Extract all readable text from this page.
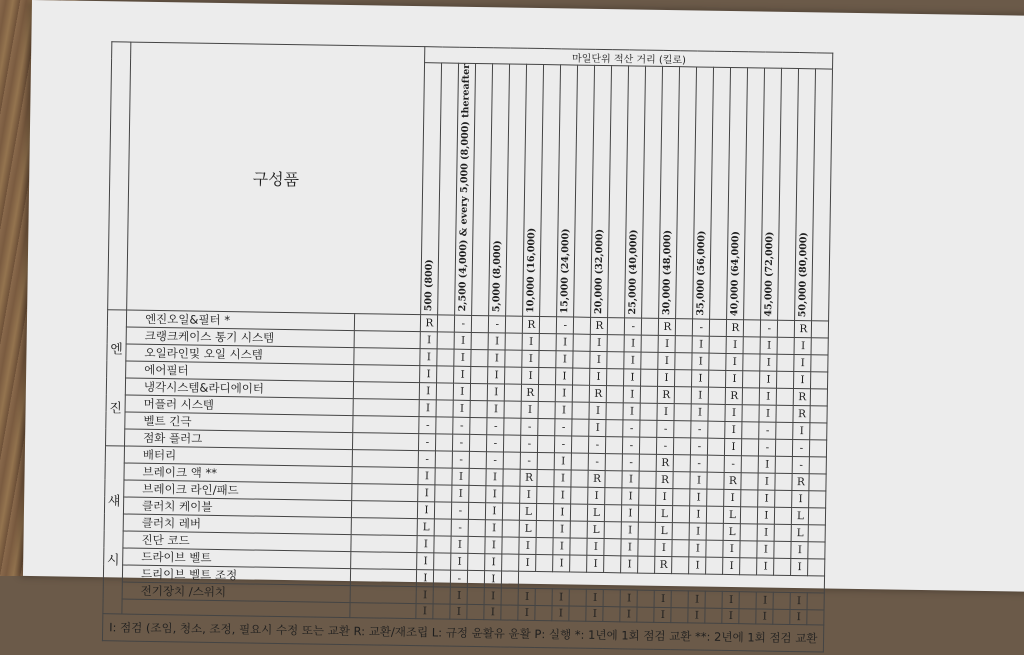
	구성품		마일단위 적산 거리 (킬로)																							
			500 (800)		2,500 (4,000) & every 5,000 (8,000) thereafter		5,000 (8,000)		10,000 (16,000)		15,000 (24,000)		20,000 (32,000)		25,000 (40,000)		30,000 (48,000)		35,000 (56,000)		40,000 (64,000)		45,000 (72,000)		50,000 (80,000)	

엔
진	엔진오일&필터 *		R		-		-		R		-		R		-		R		-		R		-		R	
	크랭크케이스 통기 시스템		I		I		I		I		I		I		I		I		I		I		I		I	
	오일라인및 오일 시스템		I		I		I		I		I		I		I		I		I		I		I		I	
	에어필터		I		I		I		I		I		I		I		I		I		I		I		I	
	냉각시스템&라디에이터		I		I		I		R		I		R		I		R		I		R		I		R	
	머플러 시스템		I		I		I		I		I		I		I		I		I		I		I		R	
	벨트 긴극		-		-		-		-		-		I		-		-		-		I		-		I	
	점화 플러그		-		-		-		-		-		-		-		-		-		I		-		-	

섀
시	배터리		-		-		-		-		I		-		-		R		-		-		I		-	
	브레이크 액 **		I		I		I		R		I		R		I		R		I		R		I		R	
	브레이크 라인/패드		I		I		I		I		I		I		I		I		I		I		I		I	
	클러치 케이블		I		-		I		L		I		L		I		L		I		L		I		L	
	클러치 레버		L		-		I		L		I		L		I		L		I		L		I		L	
	진단 코드		I		I		I		I		I		I		I		I		I		I		I		I	
	드라이브 벨트		I		I		I		I		I		I		I		R		I		I		I		I	
	드리이브 벨트 조정		I		-		I																			
	전기장치 /스위치		I		I		I		I		I		I		I		I		I		I		I		I	
			I		I		I		I		I		I		I		I		I		I		I		I	
I: 점검 (조임, 청소, 조정, 필요시 수정 또는 교환 R: 교환/재조립 L: 규정 윤활유 윤활 P: 실행 *: 1년에 1회 점검 교환 **: 2년에 1회 점검 교환																										
